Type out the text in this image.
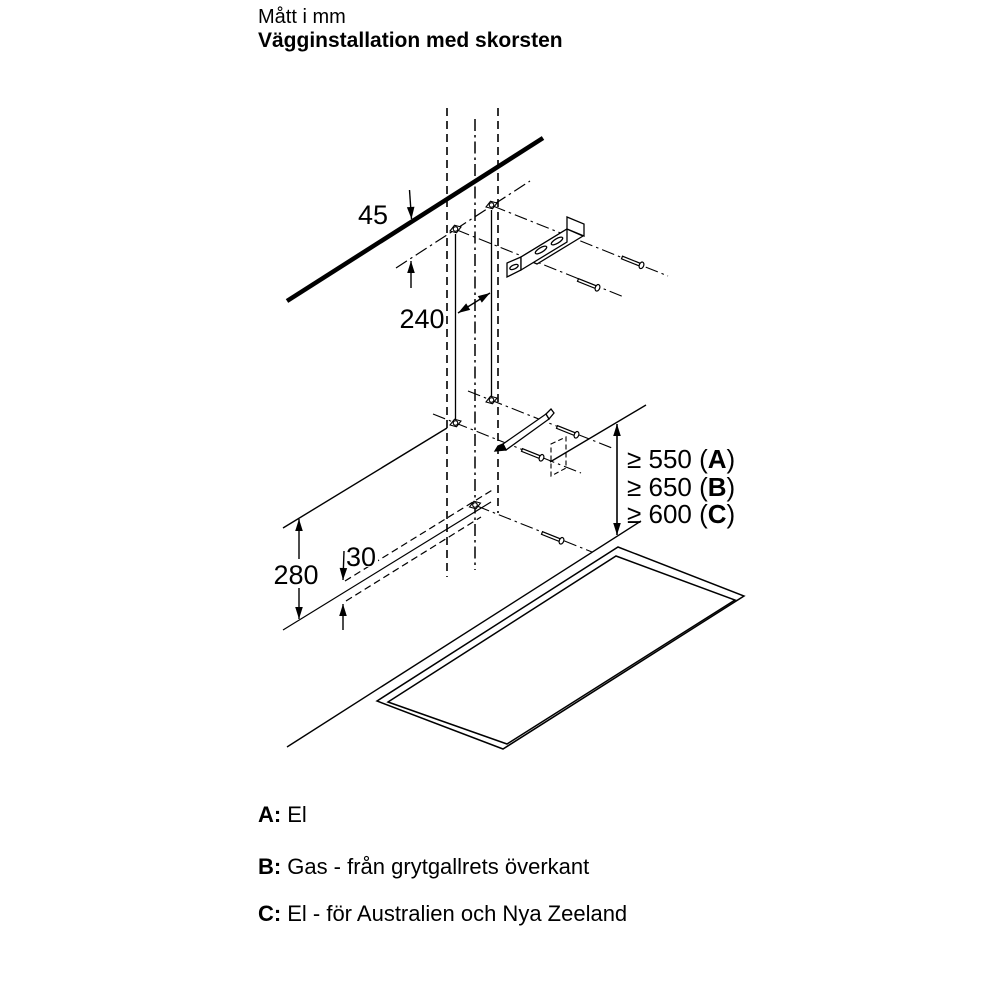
Mått i mm
Vägginstallation med skorsten
45
240
280
30
≥ 550 (A)
≥ 650 (B)
≥ 600 (C)
A: El
B: Gas - från grytgallrets överkant
C: El - för Australien och Nya Zeeland
